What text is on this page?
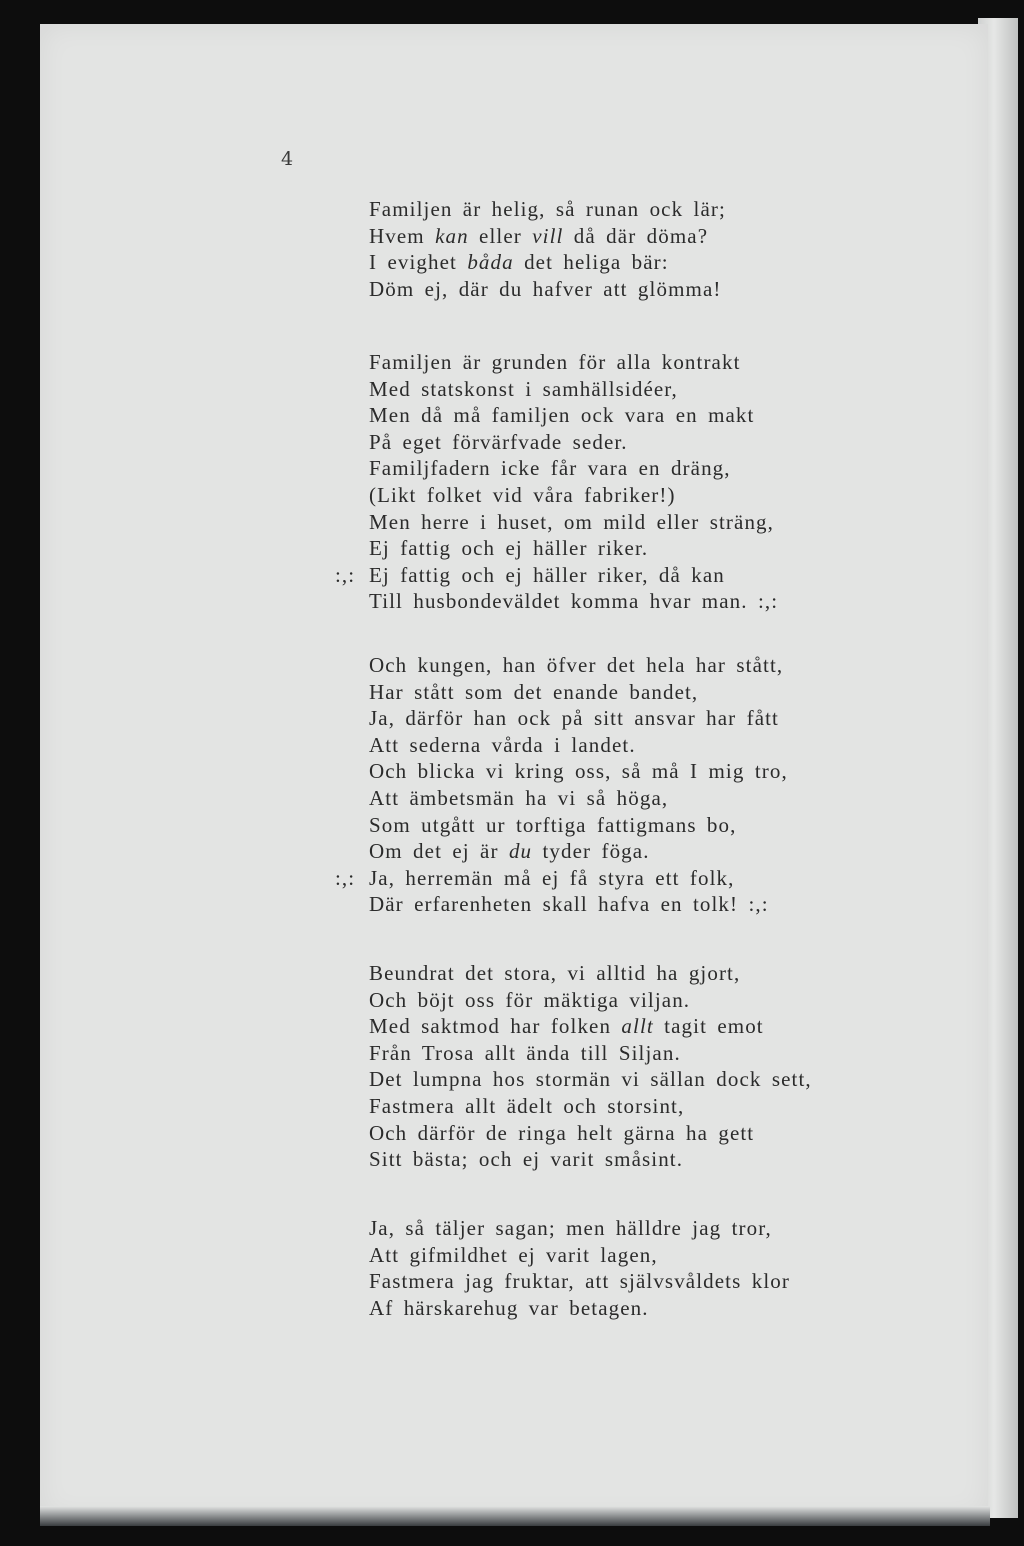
4
Familjen är helig, så runan ock lär;
Hvem kan eller vill då där döma?
I evighet båda det heliga bär:
Döm ej, där du hafver att glömma!
Familjen är grunden för alla kontrakt
Med statskonst i samhällsidéer,
Men då må familjen ock vara en makt
På eget förvärfvade seder.
Familjfadern icke får vara en dräng,
(Likt folket vid våra fabriker!)
Men herre i huset, om mild eller sträng,
Ej fattig och ej häller riker.
:,: Ej fattig och ej häller riker, då kan
Till husbondeväldet komma hvar man. :,:
Och kungen, han öfver det hela har stått,
Har stått som det enande bandet,
Ja, därför han ock på sitt ansvar har fått
Att sederna vårda i landet.
Och blicka vi kring oss, så må I mig tro,
Att ämbetsmän ha vi så höga,
Som utgått ur torftiga fattigmans bo,
Om det ej är du tyder föga.
:,: Ja, herremän må ej få styra ett folk,
Där erfarenheten skall hafva en tolk! :,:
Beundrat det stora, vi alltid ha gjort,
Och böjt oss för mäktiga viljan.
Med saktmod har folken allt tagit emot
Från Trosa allt ända till Siljan.
Det lumpna hos stormän vi sällan dock sett,
Fastmera allt ädelt och storsint,
Och därför de ringa helt gärna ha gett
Sitt bästa; och ej varit småsint.
Ja, så täljer sagan; men hälldre jag tror,
Att gifmildhet ej varit lagen,
Fastmera jag fruktar, att självsvåldets klor
Af härskarehug var betagen.
